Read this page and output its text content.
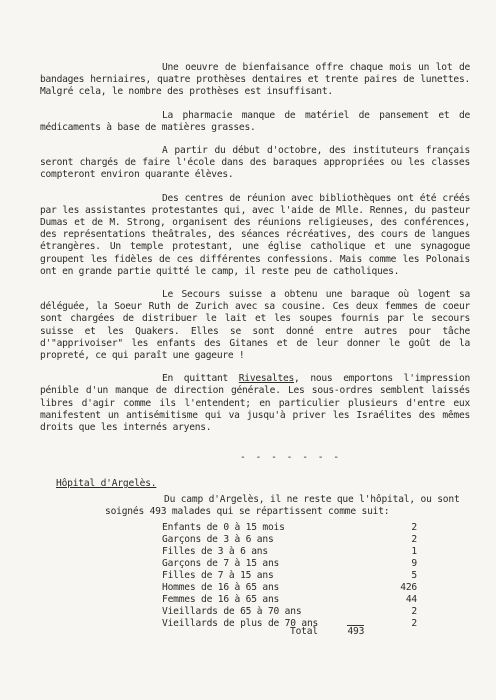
Une oeuvre de bienfaisance offre chaque mois un lot de bandages herniaires, quatre prothèses dentaires et trente paires de lunettes. Malgré cela, le nombre des prothèses est insuffisant.

La pharmacie manque de matériel de pansement et de médicaments à base de matières grasses.

A partir du début d'octobre, des instituteurs français seront chargés de faire l'école dans des baraques appropriées ou les classes compteront environ quarante élèves.

Des centres de réunion avec bibliothèques ont été créés par les assistantes protestantes qui, avec l'aide de Mlle. Rennes, du pasteur Dumas et de M. Strong, organisent des réunions religieuses, des conférences, des représentations theâtrales, des séances récréatives, des cours de langues étrangères. Un temple protestant, une église catholique et une synagogue groupent les fidèles de ces différentes confessions. Mais comme les Polonais ont en grande partie quitté le camp, il reste peu de catholiques.

Le Secours suisse a obtenu une baraque où logent sa déléguée, la Soeur Ruth de Zurich avec sa cousine. Ces deux femmes de coeur sont chargées de distribuer le lait et les soupes fournis par le secours suisse et les Quakers. Elles se sont donné entre autres pour tâche d'"apprivoiser" les enfants des Gitanes et de leur donner le goût de la propreté, ce qui paraît une gageure !

En quittant Rivesaltes, nous emportons l'impression pénible d'un manque de direction générale. Les sous-ordres semblent laissés libres d'agir comme ils l'entendent; en particulier plusieurs d'entre eux manifestent un antisémitisme qui va jusqu'à priver les Israélites des mêmes droits que les internés aryens.

- - - - - - -
Hôpital d'Argelès.
Du camp d'Argelès, il ne reste que l'hôpital, ou sont soignés 493 malades qui se répartissent comme suit:
Enfants de 0 à 15 mois	2
Garçons de 3 à 6 ans	2
Filles de 3 à 6 ans	1
Garçons de 7 à 15 ans	9
Filles de 7 à 15 ans	5
Hommes de 16 à 65 ans	426
Femmes de 16 à 65 ans	44
Vieillards de 65 à 70 ans	2
Vieillards de plus de 70 ans	2
Total	493
